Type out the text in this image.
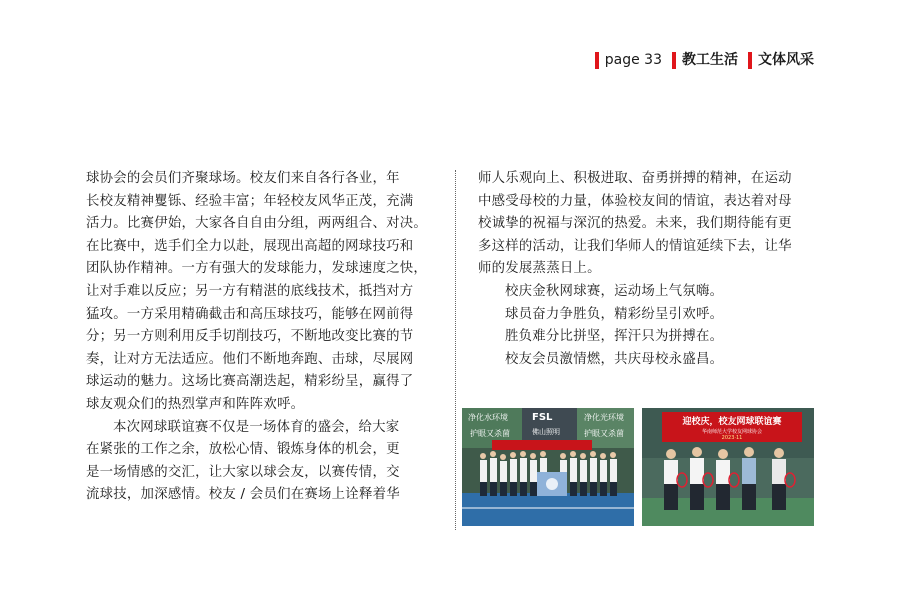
page 33 教工生活 文体风采

球协会的会员们齐聚球场。校友们来自各行各业，年

长校友精神矍铄、经验丰富；年轻校友风华正茂，充满

活力。比赛伊始，大家各自自由分组，两两组合、对决。

在比赛中，选手们全力以赴，展现出高超的网球技巧和

团队协作精神。一方有强大的发球能力，发球速度之快，

让对手难以反应；另一方有精湛的底线技术，抵挡对方

猛攻。一方采用精确截击和高压球技巧，能够在网前得

分；另一方则利用反手切削技巧，不断地改变比赛的节

奏，让对方无法适应。他们不断地奔跑、击球，尽展网

球运动的魅力。这场比赛高潮迭起，精彩纷呈，赢得了

球友观众们的热烈掌声和阵阵欢呼。

本次网球联谊赛不仅是一场体育的盛会，给大家

在紧张的工作之余，放松心情、锻炼身体的机会，更

是一场情感的交汇，让大家以球会友，以赛传情，交

流球技，加深感情。校友 / 会员们在赛场上诠释着华

师人乐观向上、积极进取、奋勇拼搏的精神，在运动

中感受母校的力量，体验校友间的情谊，表达着对母

校诚挚的祝福与深沉的热爱。未来，我们期待能有更

多这样的活动，让我们华师人的情谊延续下去，让华

师的发展蒸蒸日上。

校庆金秋网球赛，运动场上气氛嗨。

球员奋力争胜负，精彩纷呈引欢呼。

胜负难分比拼坚，挥汗只为拼搏在。

校友会员激情燃，共庆母校永盛昌。

净化水环境 FSL
佛山照明
护眼又杀菌
净化光环境
护眼又杀菌
迎校庆，校友网球联谊赛
华南师范大学校友网球协会
2023·11
